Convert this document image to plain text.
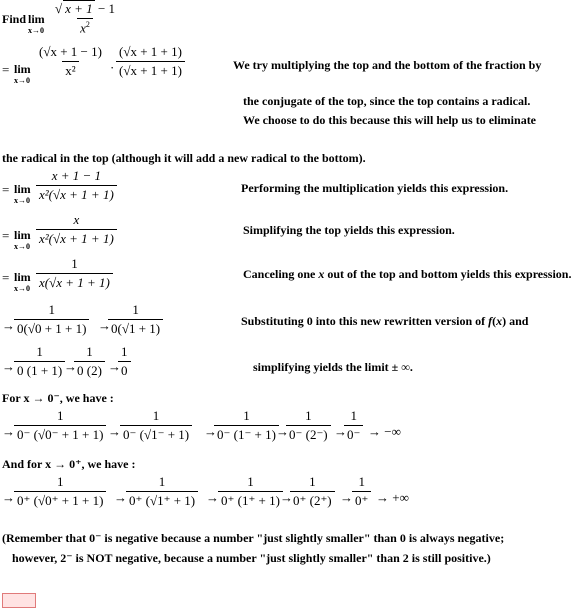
Find lim
$x\to 0 \frac{√ x + 1 - 1}{x^2}$
= lim
x→0
$\frac{(√x + 1 - 1)}{\text{x²}} \cdot \frac{(√x + 1 + 1)}{(√x + 1 + 1)}$	We try multiplying the top and the bottom of the fraction by
the conjugate of the top, since the top contains a radical.
We choose to do this because this will help us to eliminate
the radical in the top (although it will add a new radical to the bottom).
= lim
$x\to 0 \frac{x + 1 - 1}{\text{x²(√x + 1 + 1)}}$	Performing the multiplication yields this expression.
= lim
$x\to 0 \frac{x}{\text{x²(√x + 1 + 1)}}$	Simplifying the top yields this expression.
= lim
$x\to 0 \frac{1}{x(√x + 1 + 1)}$	Canceling one x out of the top and bottom yields this expression.
→ $\frac{1}{0(√0 + 1 + 1)}$ →
$\frac{1}{0(√1 + 1)}$	Substituting 0 into this new rewritten version of f(x) and
→ $\frac{1}{0 (1 + 1)}$
→
$\frac{1}{0 (2)}$ →
$\frac{1}{0}$	simplifying yields the limit ± ∞.
For x → 0⁻, we have :
→ $\frac{1}{0^- (√0^- + 1 + 1)} \to \frac{1}{0^- (√1^- + 1)}$ →
$\frac{1}{0^- (1^- + 1)}$
→
$\frac{1}{0^- (2^-)}$ →
$\frac{1}{0^-}$ → −∞
And for x → 0⁺, we have :
→ $\frac{1}{0^+ (√0^+ + 1 + 1)} \to \frac{1}{0^+ (√1^+ + 1)} \to \frac{1}{0^+ (1^+ + 1)}$
→
$\frac{1}{0^+ (2^+)} \to \frac{1}{0^+}$ → +∞
(Remember that 0⁻ is negative because a number "just slightly smaller" than 0 is always negative;
however, 2⁻ is NOT negative, because a number "just slightly smaller" than 2 is still positive.)
